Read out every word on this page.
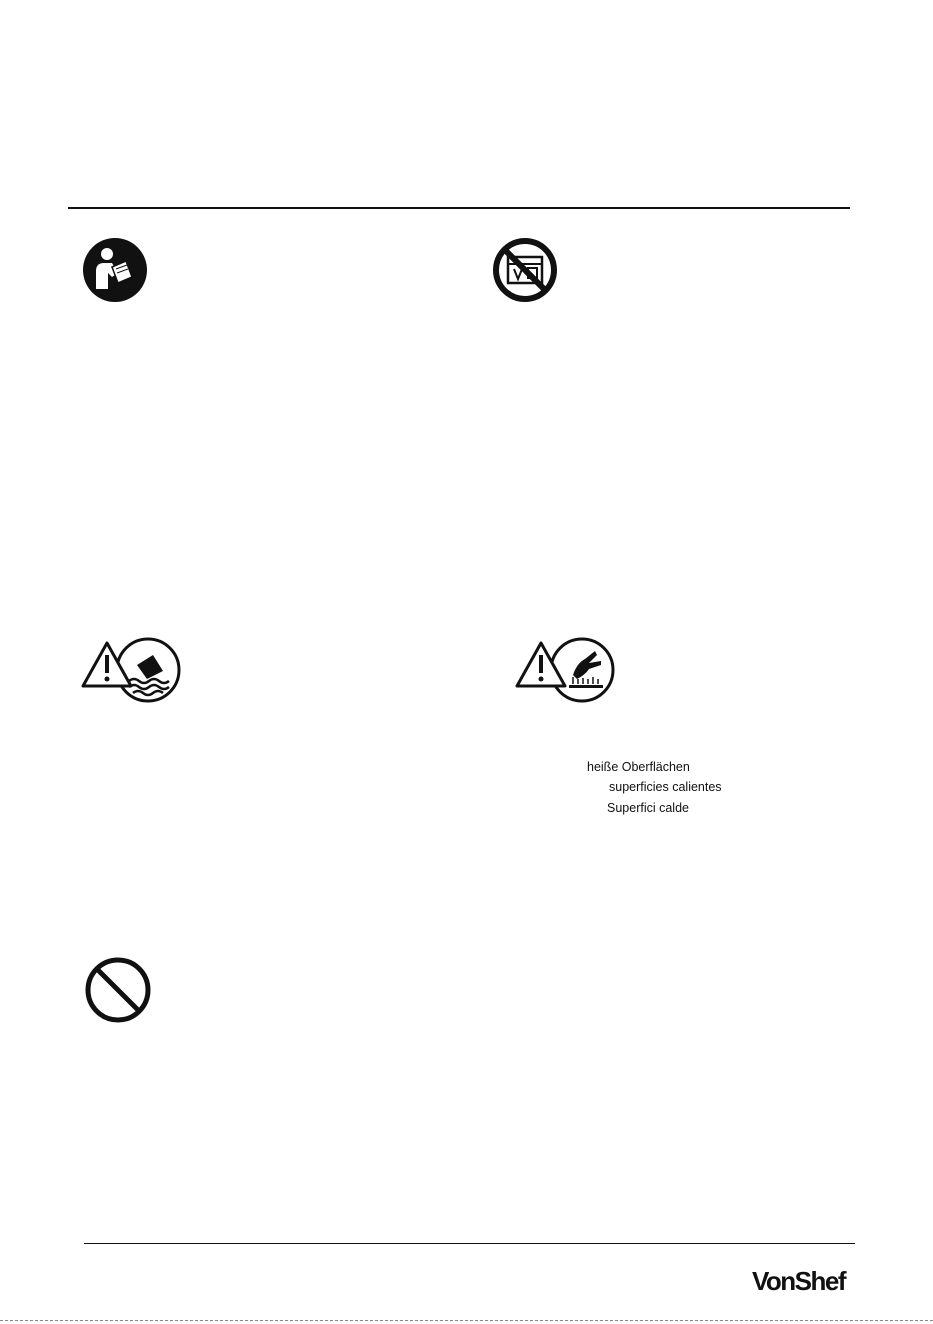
heiße Oberflächen
superficies calientes
Superfici calde
VonShef
